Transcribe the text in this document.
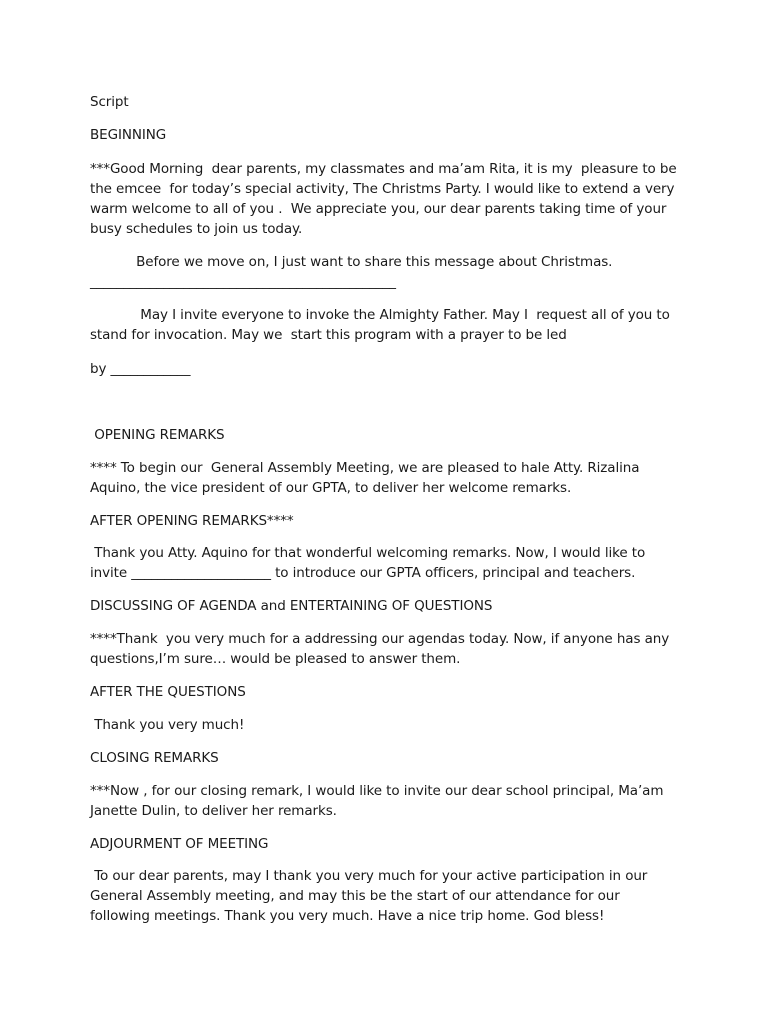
Script

BEGINNING

***Good Morning  dear parents, my classmates and ma’am Rita, it is my  pleasure to be

the emcee  for today’s special activity, The Christms Party. I would like to extend a very

warm welcome to all of you .  We appreciate you, our dear parents taking time of your

busy schedules to join us today.

Before we move on, I just want to share this message about Christmas.

______________________________________________

May I invite everyone to invoke the Almighty Father. May I  request all of you to

stand for invocation. May we  start this program with a prayer to be led

by ____________

OPENING REMARKS

**** To begin our  General Assembly Meeting, we are pleased to hale Atty. Rizalina

Aquino, the vice president of our GPTA, to deliver her welcome remarks.

AFTER OPENING REMARKS****

Thank you Atty. Aquino for that wonderful welcoming remarks. Now, I would like to

invite _____________________ to introduce our GPTA officers, principal and teachers.

DISCUSSING OF AGENDA and ENTERTAINING OF QUESTIONS

****Thank  you very much for a addressing our agendas today. Now, if anyone has any

questions,I’m sure… would be pleased to answer them.

AFTER THE QUESTIONS

Thank you very much!

CLOSING REMARKS

***Now , for our closing remark, I would like to invite our dear school principal, Ma’am

Janette Dulin, to deliver her remarks.

ADJOURMENT OF MEETING

To our dear parents, may I thank you very much for your active participation in our

General Assembly meeting, and may this be the start of our attendance for our

following meetings. Thank you very much. Have a nice trip home. God bless!
